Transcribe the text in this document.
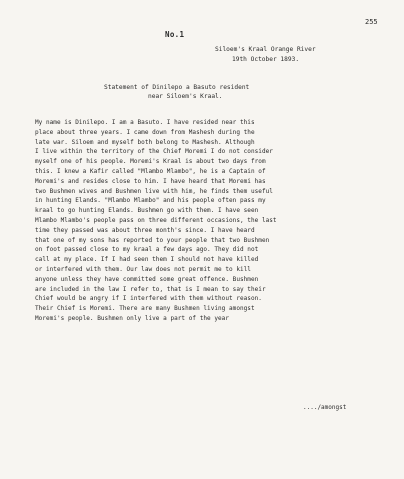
255
No.1
Siloem's Kraal Orange River
19th October 1893.
Statement of Dinilepo a Basuto resident
near Siloem's Kraal.
My name is Dinilepo. I am a Basuto. I have resided near this
place about three years. I came down from Mashesh during the
late war. Siloem and myself both belong to Mashesh. Although
I live within the territory of the Chief Moremi I do not consider
myself one of his people. Moremi's Kraal is about two days from
this. I knew a Kafir called "Mlambo Mlambo", he is a Captain of
Moremi's and resides close to him. I have heard that Moremi has
two Bushmen wives and Bushmen live with him, he finds them useful
in hunting Elands. "Mlambo Mlambo" and his people often pass my
kraal to go hunting Elands. Bushmen go with them. I have seen
Mlambo Mlambo's people pass on three different occasions, the last
time they passed was about three month's since. I have heard
that one of my sons has reported to your people that two Bushmen
on foot passed close to my kraal a few days ago. They did not
call at my place. If I had seen them I should not have killed
or interfered with them. Our law does not permit me to kill
anyone unless they have committed some great offence. Bushmen
are included in the law I refer to, that is I mean to say their
Chief would be angry if I interfered with them without reason.
Their Chief is Moremi. There are many Bushmen living amongst
Moremi's people. Bushmen only live a part of the year
..../amongst
